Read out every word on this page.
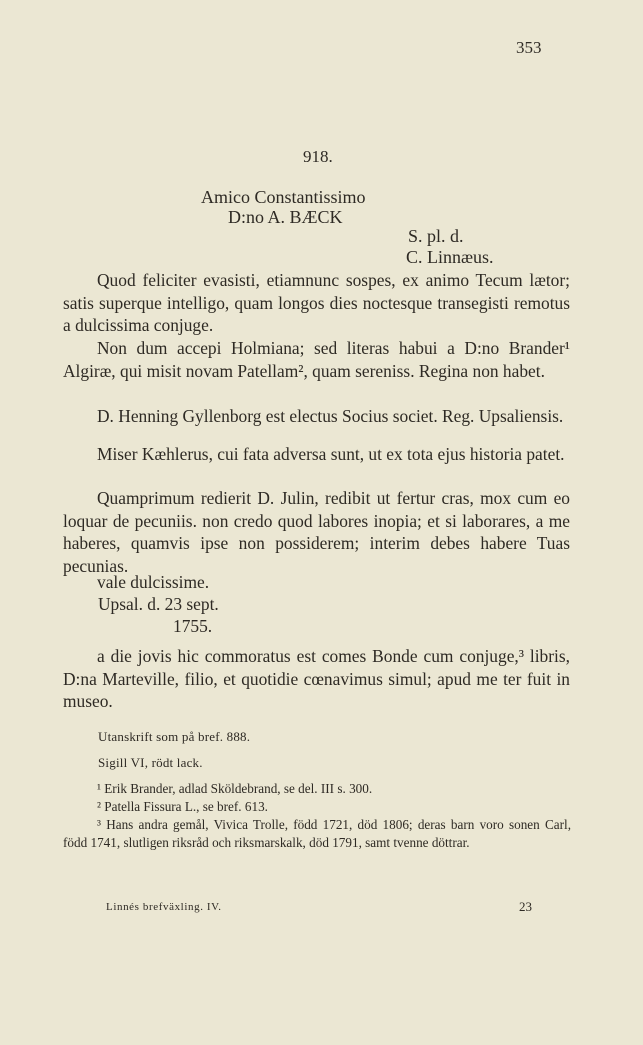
353
918.
Amico Constantissimo
D:no A. BÆCK
S. pl. d.
C. Linnæus.

Quod feliciter evasisti, etiamnunc sospes, ex animo Tecum lætor; satis superque intelligo, quam longos dies noctesque transegisti remotus a dulcissima conjuge.

Non dum accepi Holmiana; sed literas habui a D:no Brander¹ Algiræ, qui misit novam Patellam², quam sereniss. Regina non habet.

D. Henning Gyllenborg est electus Socius societ. Reg. Upsaliensis.

Miser Kæhlerus, cui fata adversa sunt, ut ex tota ejus historia patet.

Quamprimum redierit D. Julin, redibit ut fertur cras, mox cum eo loquar de pecuniis. non credo quod labores inopia; et si laborares, a me haberes, quamvis ipse non possiderem; interim debes habere Tuas pecunias.

vale dulcissime.

Upsal. d. 23 sept.
1755.

a die jovis hic commoratus est comes Bonde cum conjuge,³ libris, D:na Marteville, filio, et quotidie cœnavimus simul; apud me ter fuit in museo.

Utanskrift som på bref. 888.
Sigill VI, rödt lack.

¹ Erik Brander, adlad Sköldebrand, se del. III s. 300.

² Patella Fissura L., se bref. 613.

³ Hans andra gemål, Vivica Trolle, född 1721, död 1806; deras barn voro sonen Carl, född 1741, slutligen riksråd och riksmarskalk, död 1791, samt tvenne döttrar.

Linnés brefväxling. IV.	23
